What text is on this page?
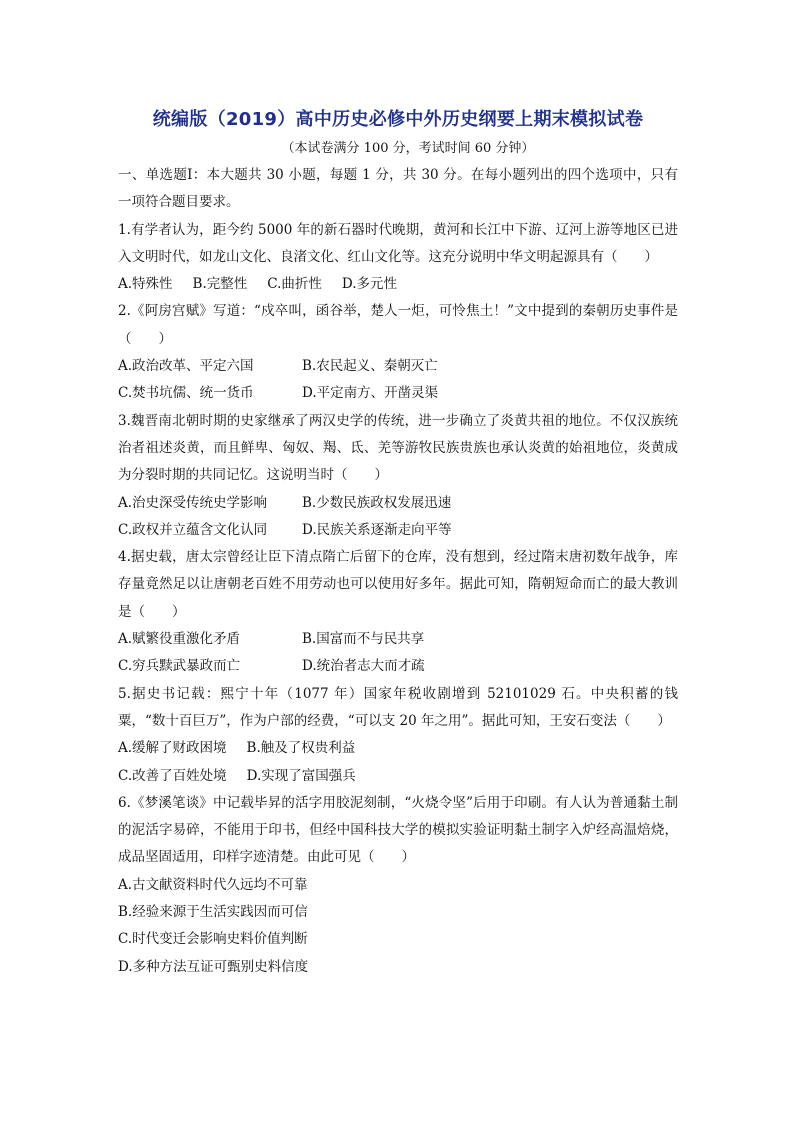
统编版（2019）高中历史必修中外历史纲要上期末模拟试卷

（本试卷满分 100 分，考试时间 60 分钟）

一、单选题Ⅰ：本大题共 30 小题，每题 1 分，共 30 分。在每小题列出的四个选项中，只有一项符合题目要求。

1.有学者认为，距今约 5000 年的新石器时代晚期，黄河和长江中下游、辽河上游等地区已进入文明时代，如龙山文化、良渚文化、红山文化等。这充分说明中华文明起源具有（　　）

A.特殊性 B.完整性 C.曲折性 D.多元性

2.《阿房宫赋》写道：“戍卒叫，函谷举，楚人一炬，可怜焦土！”文中提到的秦朝历史事件是（　　）

A.政治改革、平定六国	B.农民起义、秦朝灭亡
C.焚书坑儒、统一货币	D.平定南方、开凿灵渠

3.魏晋南北朝时期的史家继承了两汉史学的传统，进一步确立了炎黄共祖的地位。不仅汉族统治者祖述炎黄，而且鲜卑、匈奴、羯、氐、羌等游牧民族贵族也承认炎黄的始祖地位，炎黄成为分裂时期的共同记忆。这说明当时（　　）

A.治史深受传统史学影响	B.少数民族政权发展迅速
C.政权并立蕴含文化认同	D.民族关系逐渐走向平等

4.据史载，唐太宗曾经让臣下清点隋亡后留下的仓库，没有想到，经过隋末唐初数年战争，库存量竟然足以让唐朝老百姓不用劳动也可以使用好多年。据此可知，隋朝短命而亡的最大教训是（　　）

A.赋繁役重激化矛盾	B.国富而不与民共享
C.穷兵黩武暴政而亡	D.统治者志大而才疏

5.据史书记载：熙宁十年（1077 年）国家年税收剧增到 52101029 石。中央积蓄的钱粟，“数十百巨万”，作为户部的经费，“可以支 20 年之用”。据此可知，王安石变法（　　）

A.缓解了财政困境 B.触及了权贵利益
C.改善了百姓处境 D.实现了富国强兵

6.《梦溪笔谈》中记载毕昇的活字用胶泥刻制，“火烧令坚”后用于印刷。有人认为普通黏土制的泥活字易碎，不能用于印书，但经中国科技大学的模拟实验证明黏土制字入炉经高温焙烧，成品坚固适用，印样字迹清楚。由此可见（　　）

A.古文献资料时代久远均不可靠
B.经验来源于生活实践因而可信
C.时代变迁会影响史料价值判断
D.多种方法互证可甄别史料信度
